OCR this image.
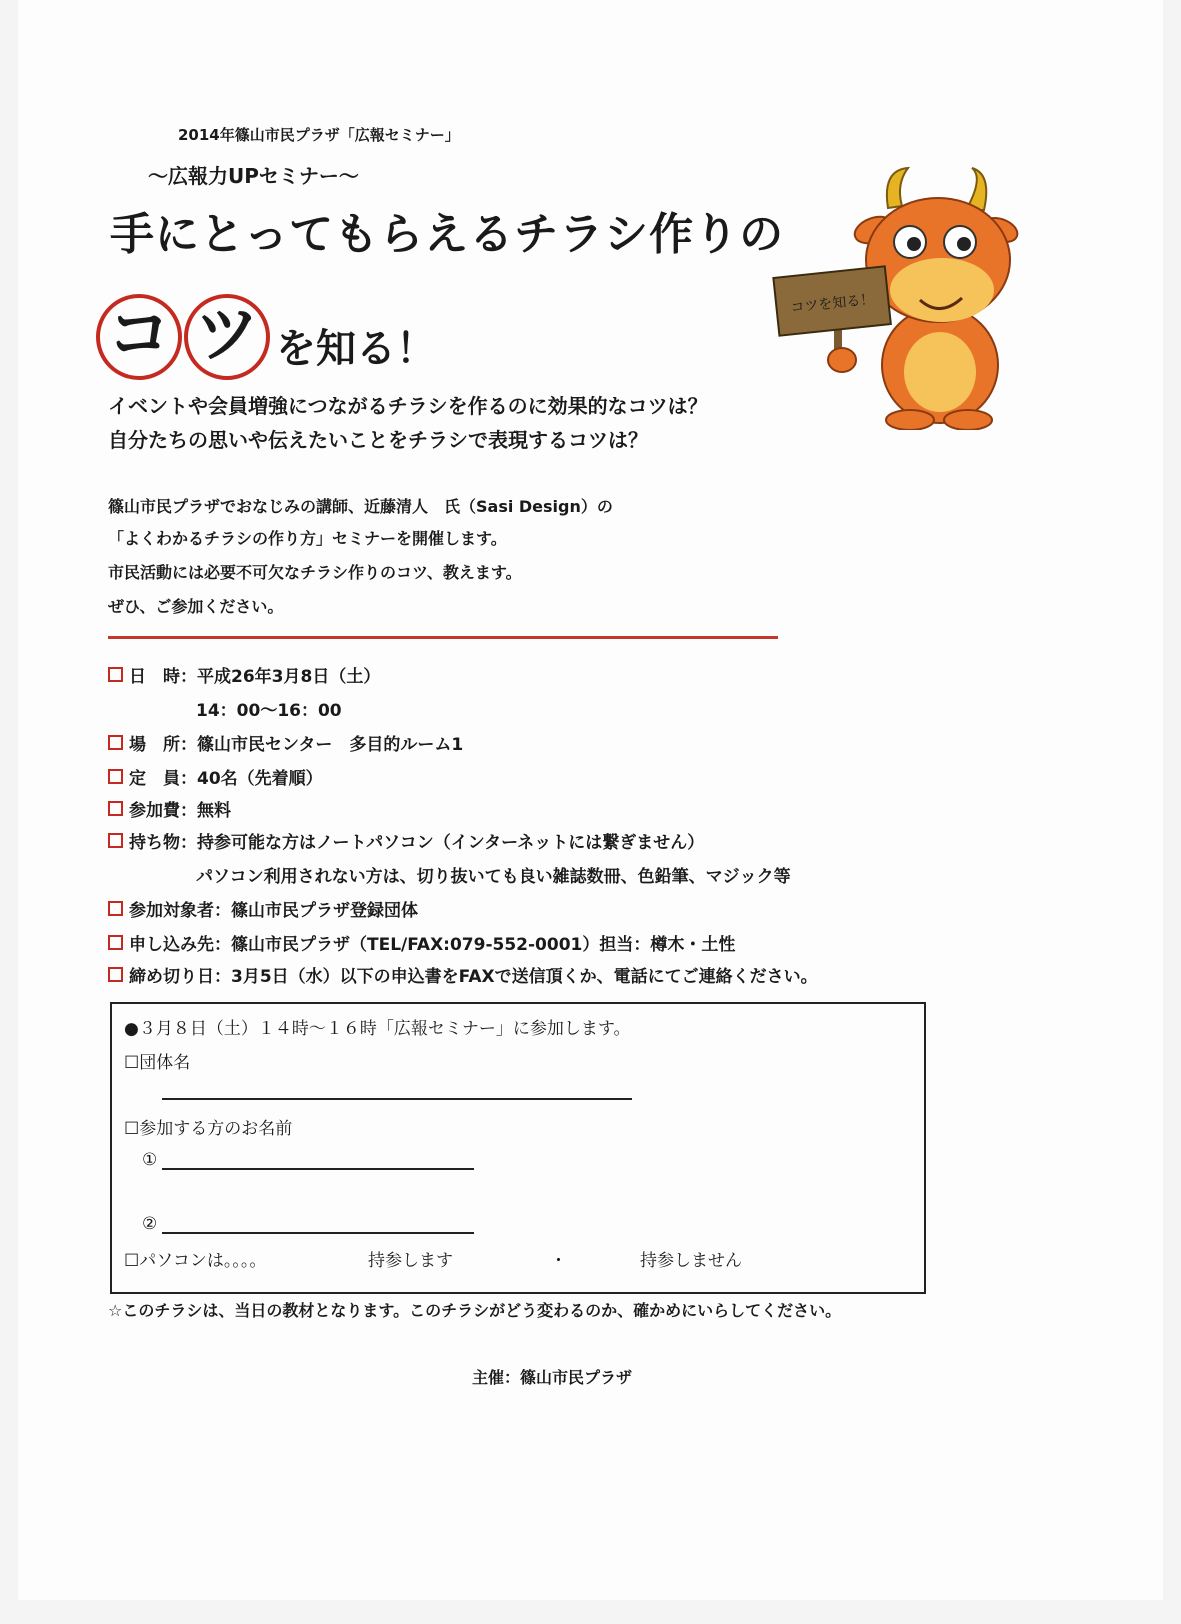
2014年篠山市民プラザ「広報セミナー」
～広報力UPセミナー～
手にとってもらえるチラシ作りの
コ ツ を知る！
コツを知る！
イベントや会員増強につながるチラシを作るのに効果的なコツは？
自分たちの思いや伝えたいことをチラシで表現するコツは？
篠山市民プラザでおなじみの講師、近藤清人　氏（Sasi Design）の
「よくわかるチラシの作り方」セミナーを開催します。
市民活動には必要不可欠なチラシ作りのコツ、教えます。
ぜひ、ご参加ください。
日　時：平成26年3月8日（土）
14：00～16：00
場　所：篠山市民センター　多目的ルーム1
定　員：40名（先着順）
参加費：無料
持ち物：持参可能な方はノートパソコン（インターネットには繋ぎません）
パソコン利用されない方は、切り抜いても良い雑誌数冊、色鉛筆、マジック等
参加対象者：篠山市民プラザ登録団体
申し込み先：篠山市民プラザ（TEL/FAX:079-552-0001）担当：樽木・土性
締め切り日：3月5日（水）以下の申込書をFAXで送信頂くか、電話にてご連絡ください。
●３月８日（土）１４時～１６時「広報セミナー」に参加します。
☐団体名
☐参加する方のお名前
①
②
☐パソコンは。。。。	持参します	・	持参しません
☆このチラシは、当日の教材となります。このチラシがどう変わるのか、確かめにいらしてください。
主催：篠山市民プラザ
